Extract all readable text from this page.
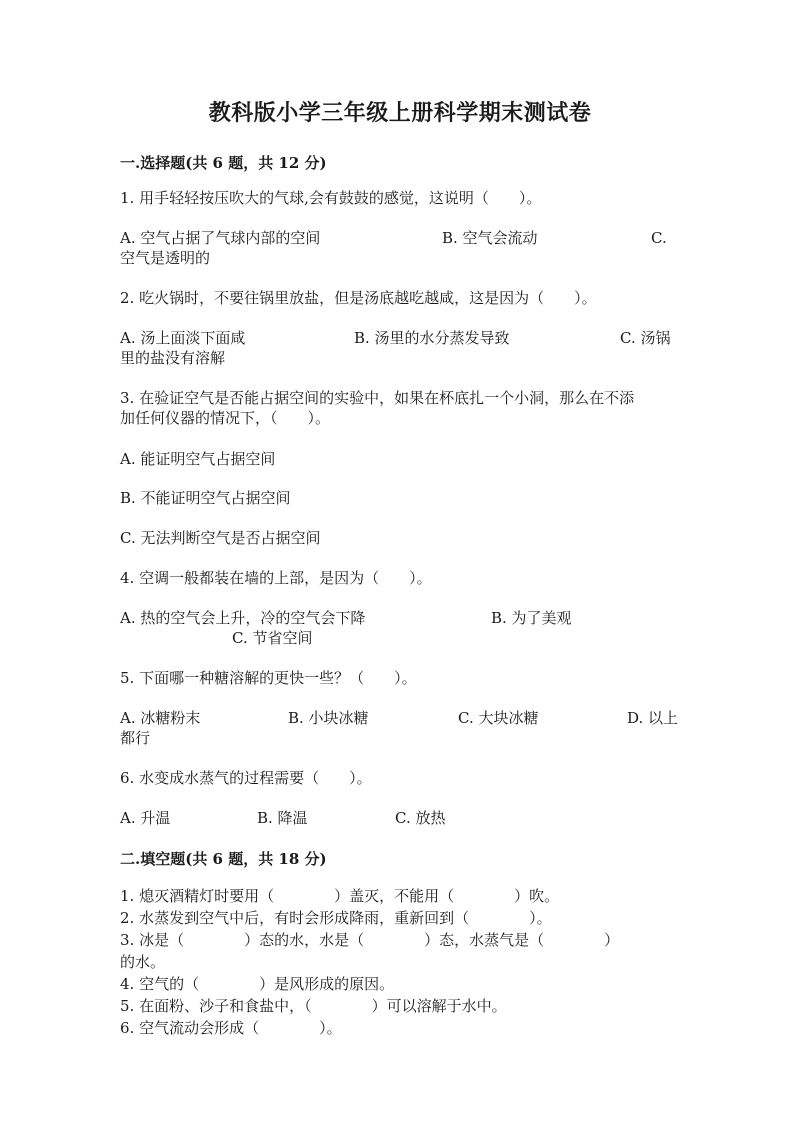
教科版小学三年级上册科学期末测试卷
一.选择题(共 6 题，共 12 分)
1. 用手轻轻按压吹大的气球,会有鼓鼓的感觉，这说明（　　）。
A. 空气占据了气球内部的空间	B. 空气会流动	C.
空气是透明的
2. 吃火锅时，不要往锅里放盐，但是汤底越吃越咸，这是因为（　　）。
A. 汤上面淡下面咸	B. 汤里的水分蒸发导致	C. 汤锅
里的盐没有溶解
3. 在验证空气是否能占据空间的实验中，如果在杯底扎一个小洞，那么在不添
加任何仪器的情况下，（　　）。
A. 能证明空气占据空间
B. 不能证明空气占据空间
C. 无法判断空气是否占据空间
4. 空调一般都装在墙的上部，是因为（　　）。
A. 热的空气会上升，冷的空气会下降	B. 为了美观
C. 节省空间
5. 下面哪一种糖溶解的更快一些？（　　）。
A. 冰糖粉末	B. 小块冰糖	C. 大块冰糖	D. 以上
都行
6. 水变成水蒸气的过程需要（　　）。
A. 升温	B. 降温	C. 放热
二.填空题(共 6 题，共 18 分)
1. 熄灭酒精灯时要用（　　　　）盖灭，不能用（　　　　）吹。
2. 水蒸发到空气中后，有时会形成降雨，重新回到（　　　　）。
3. 冰是（　　　　）态的水，水是（　　　　）态，水蒸气是（　　　　）
的水。
4. 空气的（　　　　）是风形成的原因。
5. 在面粉、沙子和食盐中，（　　　　）可以溶解于水中。
6. 空气流动会形成（　　　　）。
